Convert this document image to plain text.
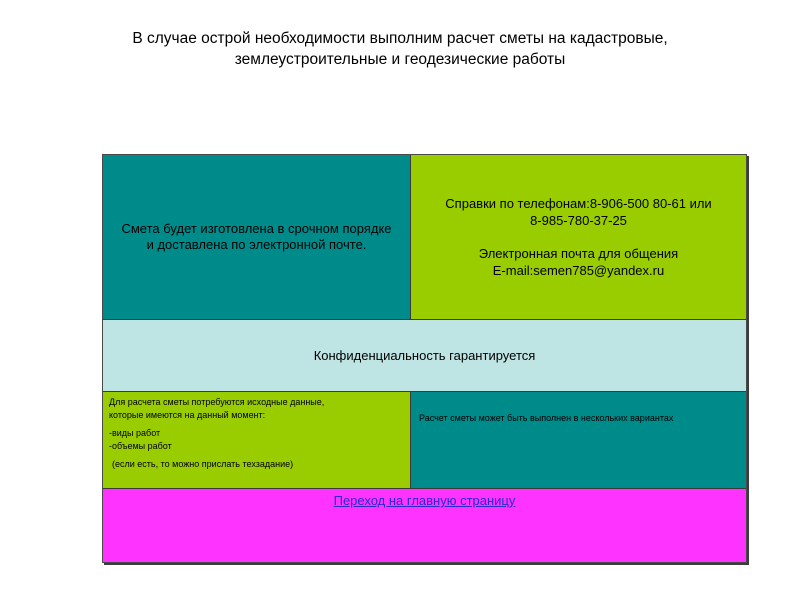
В случае острой необходимости выполним расчет сметы на кадастровые,
землеустроительные и геодезические работы
Смета будет изготовлена в срочном порядке и доставлена по электронной почте.
Справки по телефонам:8-906-500 80-61 или
8-985-780-37-25
Электронная почта для общения
E-mail:semen785@yandex.ru
Конфиденциальность гарантируется
Для расчета сметы потребуются исходные данные,
которые имеются на данный момент:
-виды работ
-объемы работ
(если есть, то можно прислать техзадание)
Расчет сметы может быть выполнен в нескольких вариантах
Переход на главную страницу
